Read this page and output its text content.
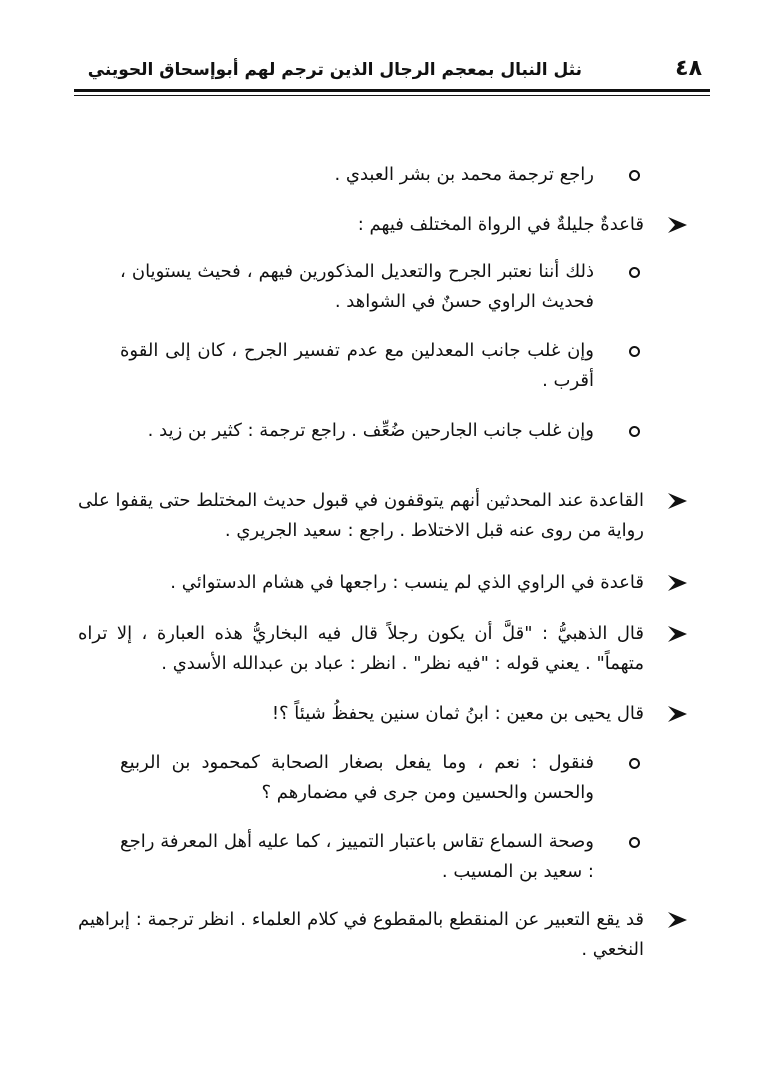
نثل النبال بمعجم الرجال الذين ترجم لهم أبوإسحاق الحويني	٤٨
راجع ترجمة محمد بن بشر العبدي .
قاعدةٌ جليلةٌ في الرواة المختلف فيهم :
ذلك أننا نعتبر الجرح والتعديل المذكورين فيهم ، فحيث يستويان ، فحديث الراوي حسنٌ في الشواهد .
وإن غلب جانب المعدلين مع عدم تفسير الجرح ، كان إلى القوة أقرب .
وإن غلب جانب الجارحين ضُعِّف . راجع ترجمة : كثير بن زيد .
القاعدة عند المحدثين أنهم يتوقفون في قبول حديث المختلط حتى يقفوا على رواية من روى عنه قبل الاختلاط . راجع : سعيد الجريري .
قاعدة في الراوي الذي لم ينسب : راجعها في هشام الدستوائي .
قال الذهبيُّ : "قلَّ أن يكون رجلاً قال فيه البخاريُّ هذه العبارة ، إلا تراه متهماً" . يعني قوله : "فيه نظر" . انظر : عباد بن عبدالله الأسدي .
قال يحيى بن معين : ابنُ ثمان سنين يحفظُ شيئاً ؟!
فنقول : نعم ، وما يفعل بصغار الصحابة كمحمود بن الربيع والحسن والحسين ومن جرى في مضمارهم ؟
وصحة السماع تقاس باعتبار التمييز ، كما عليه أهل المعرفة راجع : سعيد بن المسيب .
قد يقع التعبير عن المنقطع بالمقطوع في كلام العلماء . انظر ترجمة : إبراهيم النخعي .
